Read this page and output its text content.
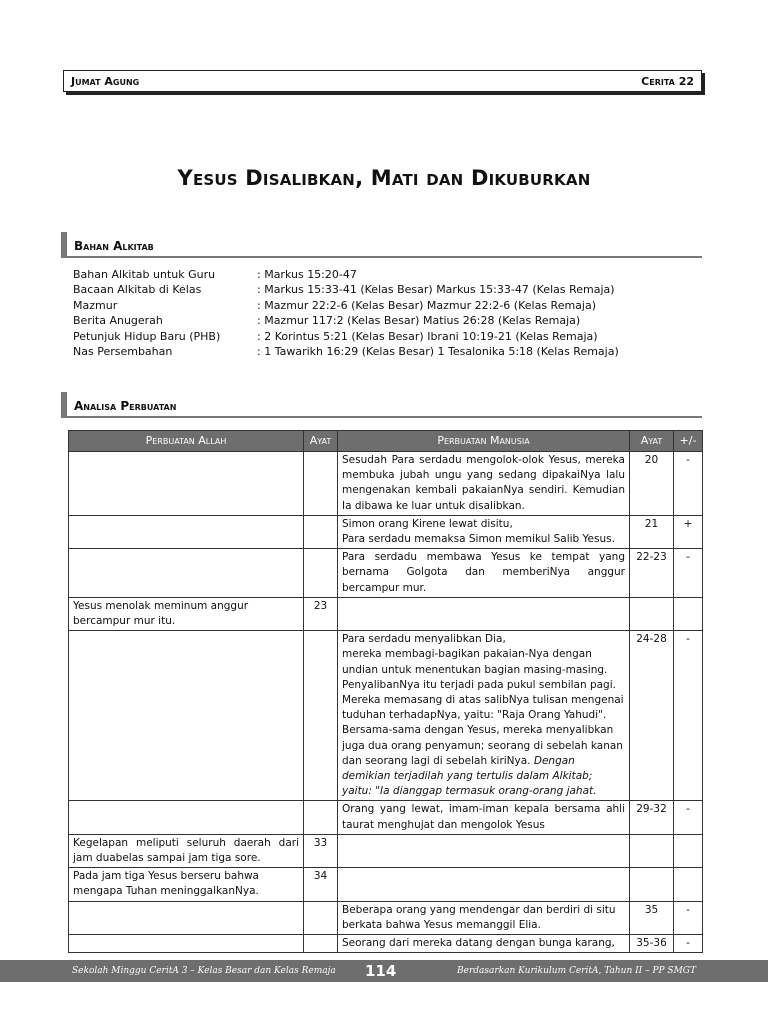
Jumat Agung	Cerita 22
Yesus Disalibkan, Mati dan Dikuburkan
Bahan Alkitab
Bahan Alkitab untuk Guru	: Markus 15:20-47
Bacaan Alkitab di Kelas	: Markus 15:33-41 (Kelas Besar) Markus 15:33-47 (Kelas Remaja)
Mazmur	: Mazmur 22:2-6 (Kelas Besar) Mazmur 22:2-6 (Kelas Remaja)
Berita Anugerah	: Mazmur 117:2 (Kelas Besar) Matius 26:28 (Kelas Remaja)
Petunjuk Hidup Baru (PHB)	: 2 Korintus 5:21 (Kelas Besar) Ibrani 10:19-21 (Kelas Remaja)
Nas Persembahan	: 1 Tawarikh 16:29 (Kelas Besar) 1 Tesalonika 5:18 (Kelas Remaja)
Analisa Perbuatan
Perbuatan Allah	Ayat	Perbuatan Manusia	Ayat	+/-
		Sesudah Para serdadu mengolok-olok Yesus, mereka membuka jubah ungu yang sedang dipakaiNya lalu mengenakan kembali pakaianNya sendiri. Kemudian Ia dibawa ke luar untuk disalibkan.	20	-

		Simon orang Kirene lewat disitu,
Para serdadu memaksa Simon memikul Salib Yesus.	21	+
		Para serdadu membawa Yesus ke tempat yang bernama Golgota dan memberiNya anggur bercampur mur.	22-23	-
Yesus menolak meminum anggur bercampur mur itu.	23			

		Para serdadu menyalibkan Dia,
mereka membagi-bagikan pakaian-Nya dengan undian untuk menentukan bagian masing-masing.
PenyalibanNya itu terjadi pada pukul sembilan pagi.
Mereka memasang di atas salibNya tulisan mengenai tuduhan terhadapNya, yaitu: "Raja Orang Yahudi".
Bersama-sama dengan Yesus, mereka menyalibkan juga dua orang penyamun; seorang di sebelah kanan dan seorang lagi di sebelah kiriNya. Dengan demikian terjadilah yang tertulis dalam Alkitab; yaitu: "Ia dianggap termasuk orang-orang jahat.	24-28	-
		Orang yang lewat, imam-iman kepala bersama ahli taurat menghujat dan mengolok Yesus	29-32	-
Kegelapan meliputi seluruh daerah dari jam duabelas sampai jam tiga sore.	33			
Pada jam tiga Yesus berseru bahwa mengapa Tuhan meninggalkanNya.	34			
		Beberapa orang yang mendengar dan berdiri di situ berkata bahwa Yesus memanggil Elia.	35	-
		Seorang dari mereka datang dengan bunga karang,	35-36	-
Sekolah Minggu CeritA 3 – Kelas Besar dan Kelas Remaja 114	Berdasarkan Kurikulum CeritA, Tahun II – PP SMGT
